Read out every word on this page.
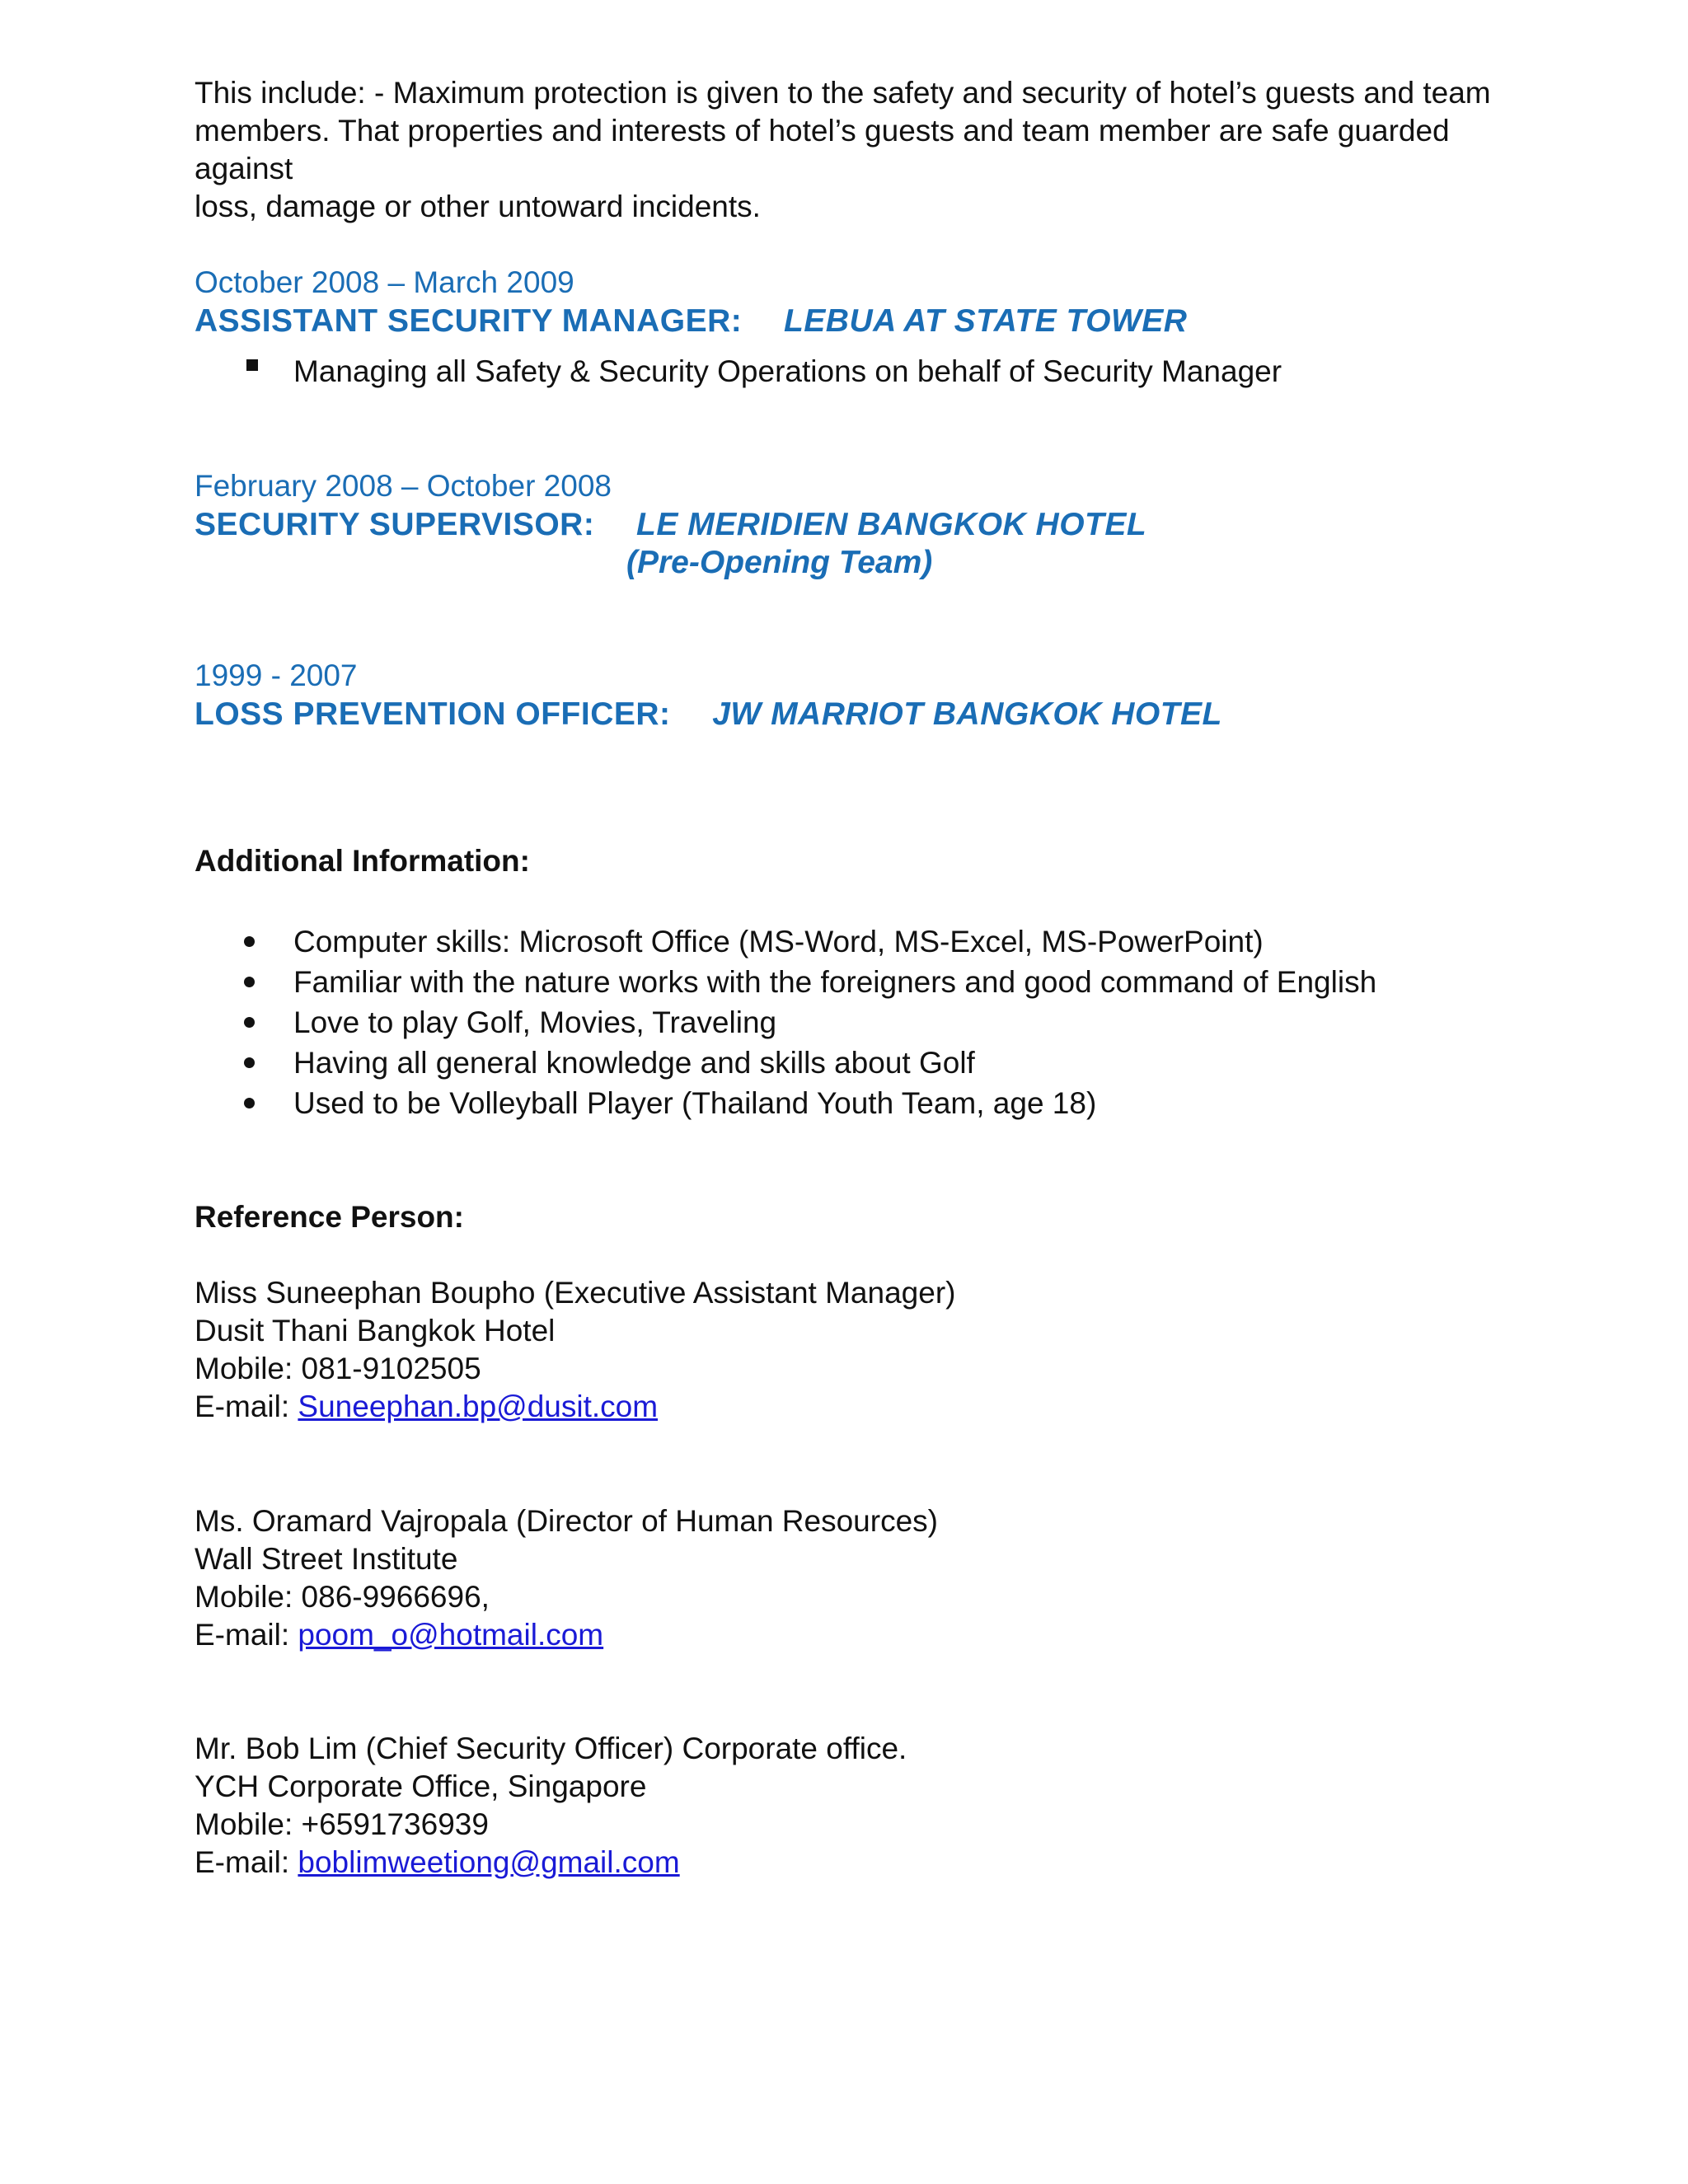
This include: - Maximum protection is given to the safety and security of hotel’s guests and team

members. That properties and interests of hotel’s guests and team member are safe guarded against

loss, damage or other untoward incidents.

October 2008 – March 2009
ASSISTANT SECURITY MANAGER: LEBUA AT STATE TOWER
Managing all Safety & Security Operations on behalf of Security Manager
February 2008 – October 2008
SECURITY SUPERVISOR: LE MERIDIEN BANGKOK HOTEL
(Pre-Opening Team)
1999 - 2007
LOSS PREVENTION OFFICER: JW MARRIOT BANGKOK HOTEL
Additional Information:
Computer skills: Microsoft Office (MS-Word, MS-Excel, MS-PowerPoint)
Familiar with the nature works with the foreigners and good command of English
Love to play Golf, Movies, Traveling
Having all general knowledge and skills about Golf
Used to be Volleyball Player (Thailand Youth Team, age 18)
Reference Person:
Miss Suneephan Boupho (Executive Assistant Manager)
Dusit Thani Bangkok Hotel
Mobile: 081-9102505
E-mail: Suneephan.bp@dusit.com
Ms. Oramard Vajropala (Director of Human Resources)
Wall Street Institute
Mobile: 086-9966696,
E-mail: poom_o@hotmail.com
Mr. Bob Lim (Chief Security Officer) Corporate office.
YCH Corporate Office, Singapore
Mobile: +6591736939
E-mail: boblimweetiong@gmail.com
